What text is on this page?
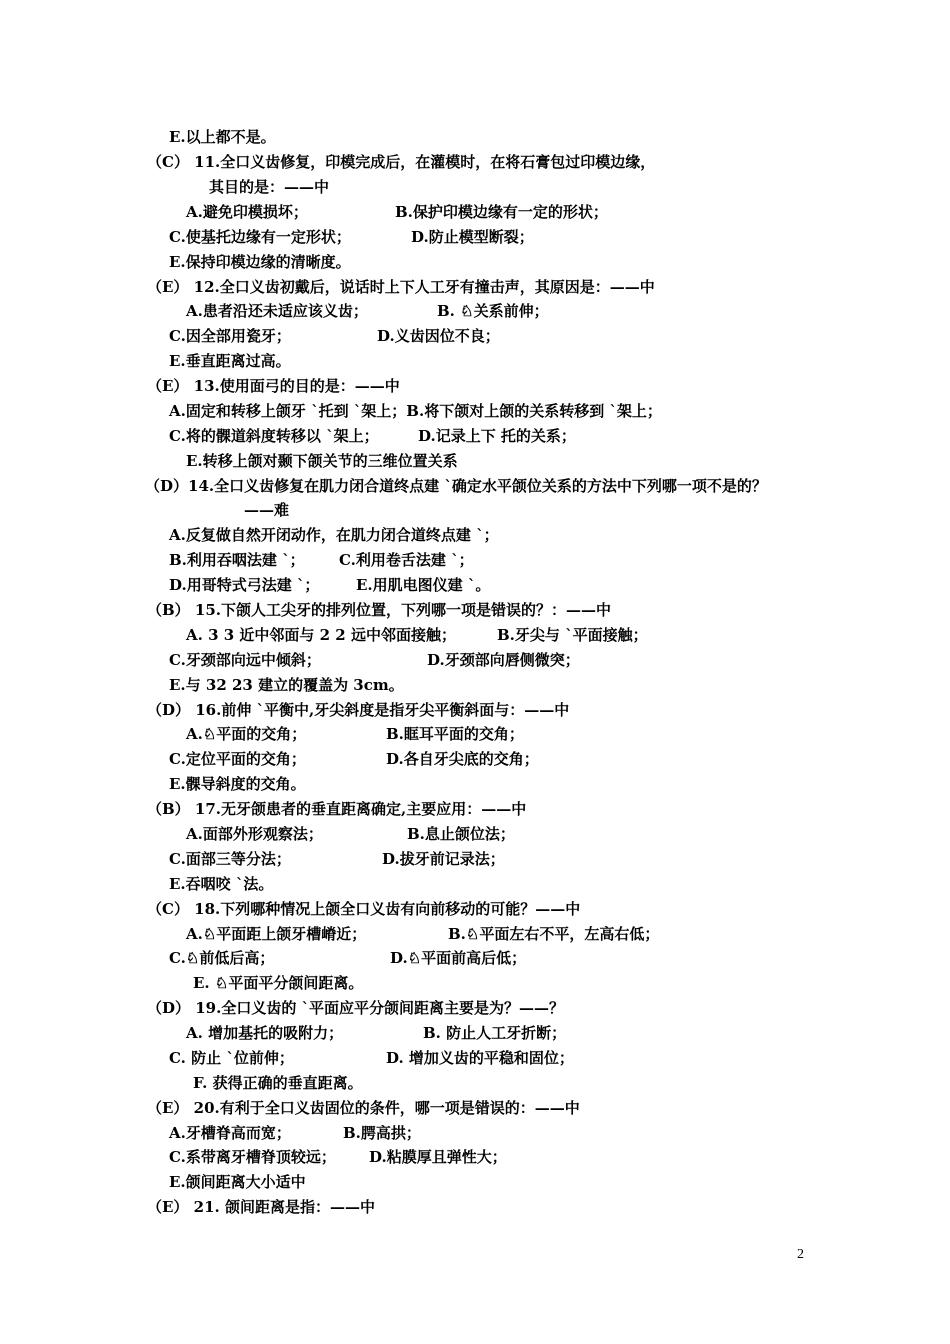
E.以上都不是。
（C） 11.全口义齿修复，印模完成后，在灌模时，在将石膏包过印模边缘，
其目的是：——中
A.避免印模损坏；	B.保护印模边缘有一定的形状；
C.使基托边缘有一定形状；	D.防止模型断裂；
E.保持印模边缘的清晰度。
（E） 12.全口义齿初戴后，说话时上下人工牙有撞击声，其原因是：——中
A.患者沿还未适应该义齿；	B. ♘关系前伸；
C.因全部用瓷牙；	D.义齿因位不良；
E.垂直距离过高。
（E） 13.使用面弓的目的是：——中
A.固定和转移上颌牙 `托到 `架上；B.将下颌对上颌的关系转移到 `架上；
C.将的髁道斜度转移以 `架上；	D.记录上下 托的关系；
E.转移上颌对颞下颌关节的三维位置关系
（D）14.全口义齿修复在肌力闭合道终点建 `确定水平颌位关系的方法中下列哪一项不是的？
——难
A.反复做自然开闭动作，在肌力闭合道终点建 `；
B.利用吞咽法建 `； C.利用卷舌法建 `；
D.用哥特式弓法建 `； E.用肌电图仪建 `。
（B） 15.下颌人工尖牙的排列位置，下列哪一项是错误的？：——中
A. 3 3 近中邻面与 2 2 远中邻面接触；	B.牙尖与 `平面接触；
C.牙颈部向远中倾斜；	D.牙颈部向唇侧微突；
E.与 32 23 建立的覆盖为 3cm。
（D） 16.前伸 `平衡中,牙尖斜度是指牙尖平衡斜面与：——中
A.♘平面的交角；	B.眶耳平面的交角；
C.定位平面的交角；	D.各自牙尖底的交角；
E.髁导斜度的交角。
（B） 17.无牙颌患者的垂直距离确定,主要应用：——中
A.面部外形观察法；	B.息止颌位法；
C.面部三等分法；	D.拔牙前记录法；
E.吞咽咬 `法。
（C） 18.下列哪种情况上颌全口义齿有向前移动的可能？——中
A.♘平面距上颌牙槽嵴近；	B.♘平面左右不平，左高右低；
C.♘前低后高；	D.♘平面前高后低；
E. ♘平面平分颌间距离。
（D） 19.全口义齿的 `平面应平分颌间距离主要是为？——？
A. 增加基托的吸附力；	B. 防止人工牙折断；
C. 防止 `位前伸；	D. 增加义齿的平稳和固位；
F. 获得正确的垂直距离。
（E） 20.有利于全口义齿固位的条件，哪一项是错误的：——中
A.牙槽脊高而宽；	B.腭高拱；
C.系带离牙槽脊顶较远； D.粘膜厚且弹性大；
E.颌间距离大小适中
（E） 21. 颌间距离是指：——中
2
